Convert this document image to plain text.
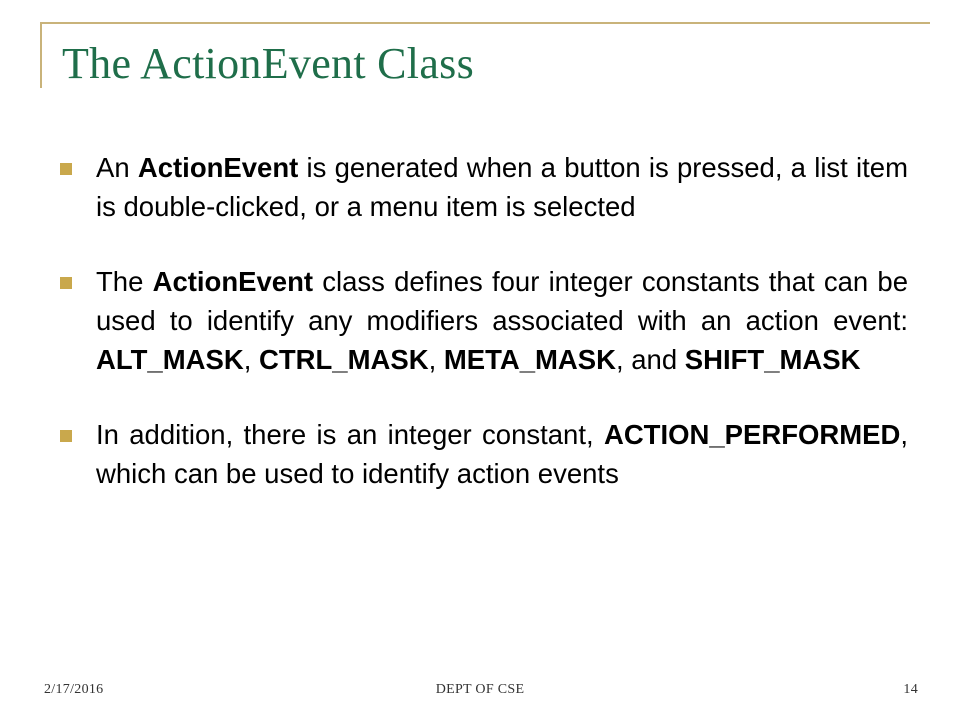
The ActionEvent Class
An ActionEvent is generated when a button is pressed, a list item is double-clicked, or a menu item is selected
The ActionEvent class defines four integer constants that can be used to identify any modifiers associated with an action event: ALT_MASK, CTRL_MASK, META_MASK, and SHIFT_MASK
In addition, there is an integer constant, ACTION_PERFORMED, which can be used to identify action events
2/17/2016	DEPT OF CSE	14
